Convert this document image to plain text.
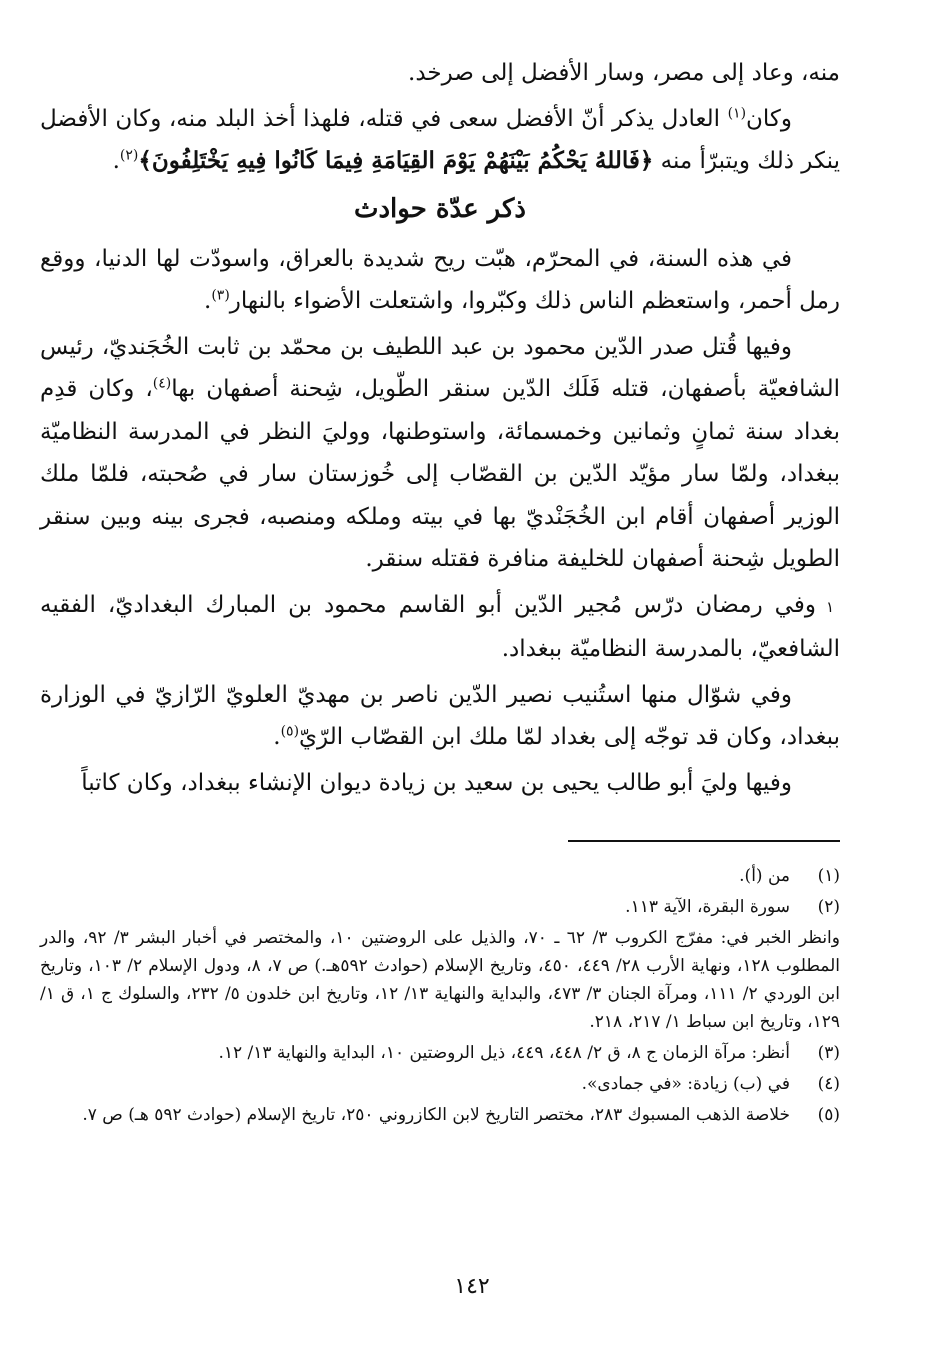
منه، وعاد إلى مصر، وسار الأفضل إلى صرخد.

وكان$^{(١)}$ العادل يذكر أنّ الأفضل سعى في قتله، فلهذا أخذ البلد منه، وكان الأفضل ينكر ذلك ويتبرّأ منه ﴿فَاللهُ يَحْكُمُ بَيْنَهُمْ يَوْمَ القِيَامَةِ فِيمَا كَانُوا فِيهِ يَخْتَلِفُونَ﴾$^{(٢)}$.

ذكر عدّة حوادث

في هذه السنة، في المحرّم، هبّت ريح شديدة بالعراق، واسودّت لها الدنيا، ووقع رمل أحمر، واستعظم الناس ذلك وكبّروا، واشتعلت الأضواء بالنهار$^{(٣)}$.

وفيها قُتل صدر الدّين محمود بن عبد اللطيف بن محمّد بن ثابت الخُجَنديّ، رئيس الشافعيّة بأصفهان، قتله فَلَك الدّين سنقر الطّويل، شِحنة أصفهان بها$^{(٤)}$، وكان قدِم بغداد سنة ثمانٍ وثمانين وخمسمائة، واستوطنها، ووليَ النظر في المدرسة النظاميّة ببغداد، ولمّا سار مؤيّد الدّين بن القصّاب إلى خُوزستان سار في صُحبته، فلمّا ملك الوزير أصفهان أقام ابن الخُجَنْديّ بها في بيته وملكه ومنصبه، فجرى بينه وبين سنقر الطويل شِحنة أصفهان للخليفة منافرة فقتله سنقر.

١وفي رمضان درّس مُجير الدّين أبو القاسم محمود بن المبارك البغداديّ، الفقيه الشافعيّ، بالمدرسة النظاميّة ببغداد.

وفي شوّال منها استُنيب نصير الدّين ناصر بن مهديّ العلويّ الرّازيّ في الوزارة ببغداد، وكان قد توجّه إلى بغداد لمّا ملك ابن القصّاب الرّيّ$^{(٥)}$.

وفيها وليَ أبو طالب يحيى بن سعيد بن زيادة ديوان الإنشاء ببغداد، وكان كاتباً

(١)
من (أ).
(٢)
سورة البقرة، الآية ١١٣.
وانظر الخبر في: مفرّج الكروب ٣/ ٦٢ ـ ٧٠، والذيل على الروضتين ١٠، والمختصر في أخبار البشر ٣/ ٩٢، والدر المطلوب ١٢٨، ونهاية الأرب ٢٨/ ٤٤٩، ٤٥٠، وتاريخ الإسلام (حوادث ٥٩٢هـ.) ص ٧، ٨، ودول الإسلام ٢/ ١٠٣، وتاريخ ابن الوردي ٢/ ١١١، ومرآة الجنان ٣/ ٤٧٣، والبداية والنهاية ١٣/ ١٢، وتاريخ ابن خلدون ٥/ ٢٣٢، والسلوك ج ١، ق ١/ ١٢٩، وتاريخ ابن سباط ١/ ٢١٧، ٢١٨.
(٣)
أنظر: مرآة الزمان ج ٨، ق ٢/ ٤٤٨، ٤٤٩، ذيل الروضتين ١٠، البداية والنهاية ١٣/ ١٢.
(٤)
في (ب) زيادة: «في جمادى».
(٥)
خلاصة الذهب المسبوك ٢٨٣، مختصر التاريخ لابن الكازروني ٢٥٠، تاريخ الإسلام (حوادث ٥٩٢ هـ) ص ٧.
١٤٢
